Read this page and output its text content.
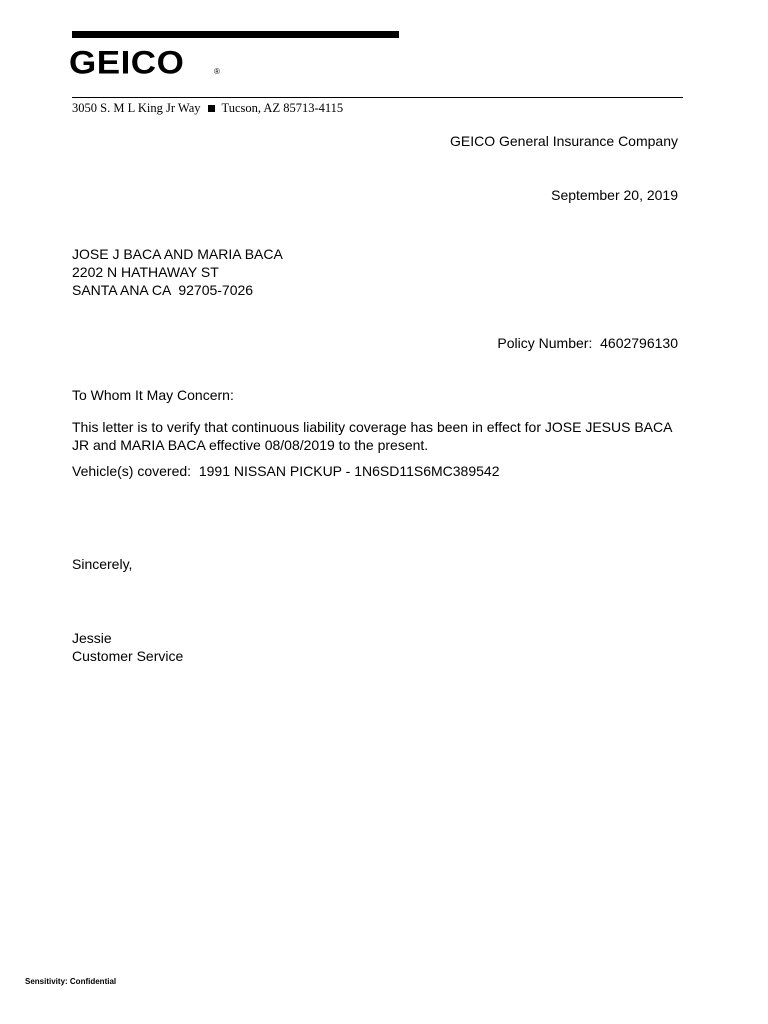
GEICO	®
3050 S. M L King Jr Way Tucson, AZ 85713-4115
GEICO General Insurance Company
September 20, 2019
JOSE J BACA AND MARIA BACA
2202 N HATHAWAY ST
SANTA ANA CA  92705-7026
Policy Number: 4602796130
To Whom It May Concern:
This letter is to verify that continuous liability coverage has been in effect for JOSE JESUS BACA JR and MARIA BACA effective 08/08/2019 to the present.
Vehicle(s) covered: 1991 NISSAN PICKUP - 1N6SD11S6MC389542
Sincerely,
Jessie
Customer Service
Sensitivity: Confidential
